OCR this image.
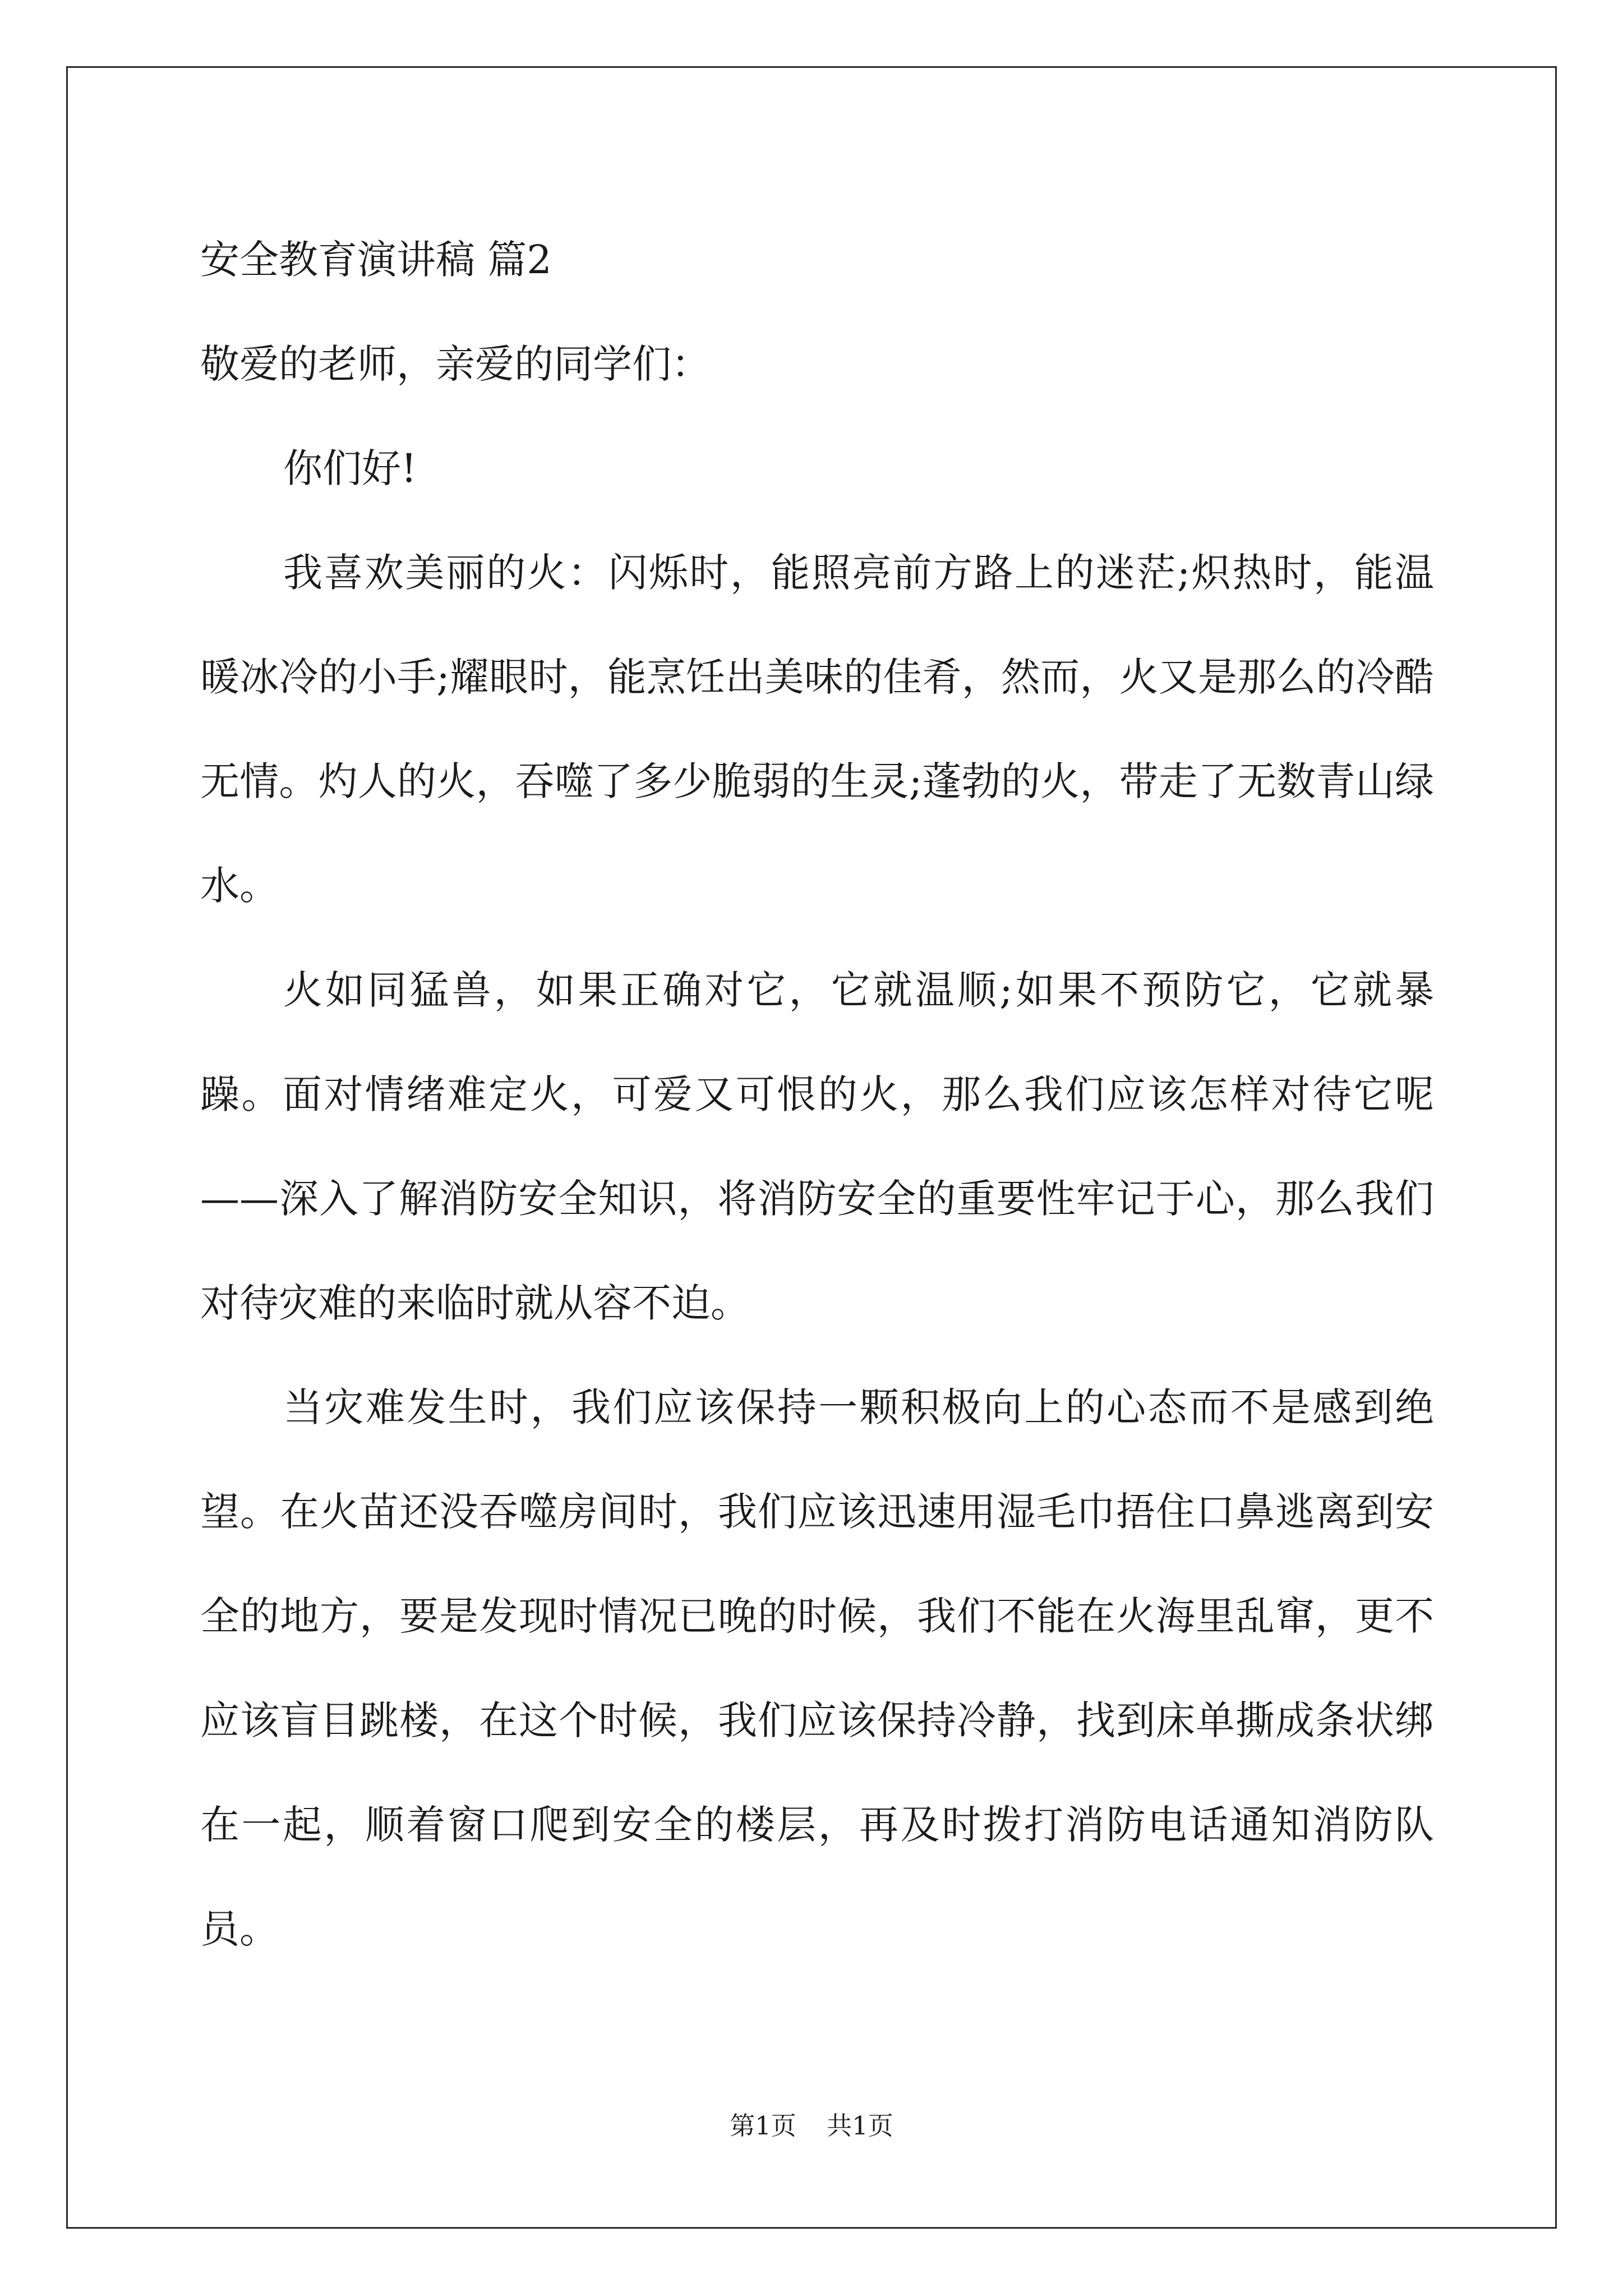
安全教育演讲稿 篇2

敬爱的老师，亲爱的同学们：

你们好!

我喜欢美丽的火：闪烁时，能照亮前方路上的迷茫;炽热时，能温暖冰冷的小手;耀眼时，能烹饪出美味的佳肴，然而，火又是那么的冷酷无情。灼人的火，吞噬了多少脆弱的生灵;蓬勃的火，带走了无数青山绿水。

火如同猛兽，如果正确对它，它就温顺;如果不预防它，它就暴躁。面对情绪难定火，可爱又可恨的火，那么我们应该怎样对待它呢——深入了解消防安全知识，将消防安全的重要性牢记于心，那么我们对待灾难的来临时就从容不迫。

当灾难发生时，我们应该保持一颗积极向上的心态而不是感到绝望。在火苗还没吞噬房间时，我们应该迅速用湿毛巾捂住口鼻逃离到安全的地方，要是发现时情况已晚的时候，我们不能在火海里乱窜，更不应该盲目跳楼，在这个时候，我们应该保持冷静，找到床单撕成条状绑在一起，顺着窗口爬到安全的楼层，再及时拨打消防电话通知消防队员。

第1页 共1页
